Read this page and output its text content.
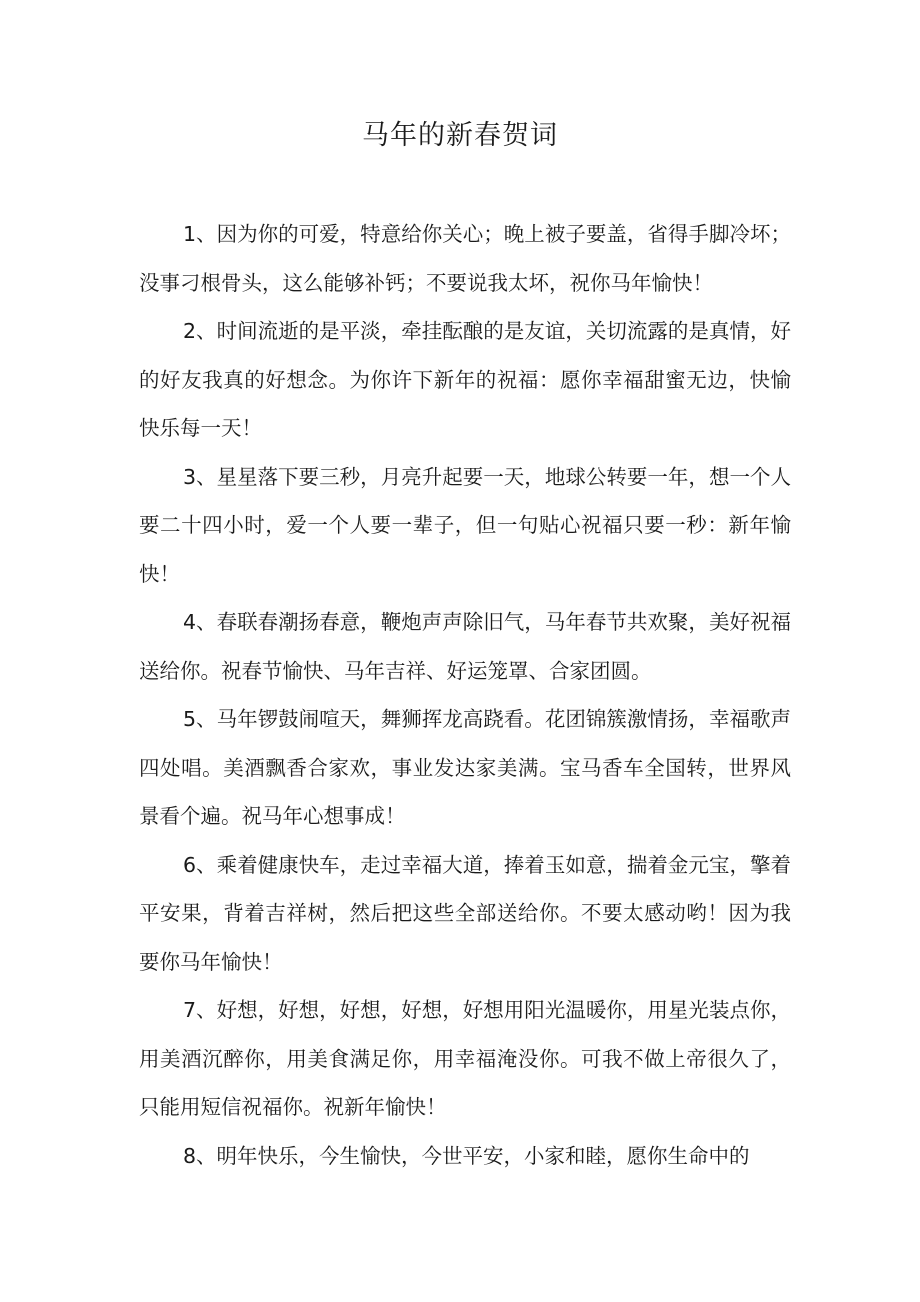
马年的新春贺词

1、因为你的可爱，特意给你关心；晚上被子要盖，省得手脚冷坏；没事刁根骨头，这么能够补钙；不要说我太坏，祝你马年愉快！

2、时间流逝的是平淡，牵挂酝酿的是友谊，关切流露的是真情，好的好友我真的好想念。为你许下新年的祝福：愿你幸福甜蜜无边，快愉快乐每一天！

3、星星落下要三秒，月亮升起要一天，地球公转要一年，想一个人要二十四小时，爱一个人要一辈子，但一句贴心祝福只要一秒：新年愉快！

4、春联春潮扬春意，鞭炮声声除旧气，马年春节共欢聚，美好祝福送给你。祝春节愉快、马年吉祥、好运笼罩、合家团圆。

5、马年锣鼓闹喧天，舞狮挥龙高跷看。花团锦簇激情扬，幸福歌声四处唱。美酒飘香合家欢，事业发达家美满。宝马香车全国转，世界风景看个遍。祝马年心想事成！

6、乘着健康快车，走过幸福大道，捧着玉如意，揣着金元宝，擎着平安果，背着吉祥树，然后把这些全部送给你。不要太感动哟！因为我要你马年愉快！

7、好想，好想，好想，好想，好想用阳光温暖你，用星光装点你，用美酒沉醉你，用美食满足你，用幸福淹没你。可我不做上帝很久了，只能用短信祝福你。祝新年愉快！

8、明年快乐，今生愉快，今世平安，小家和睦，愿你生命中的
